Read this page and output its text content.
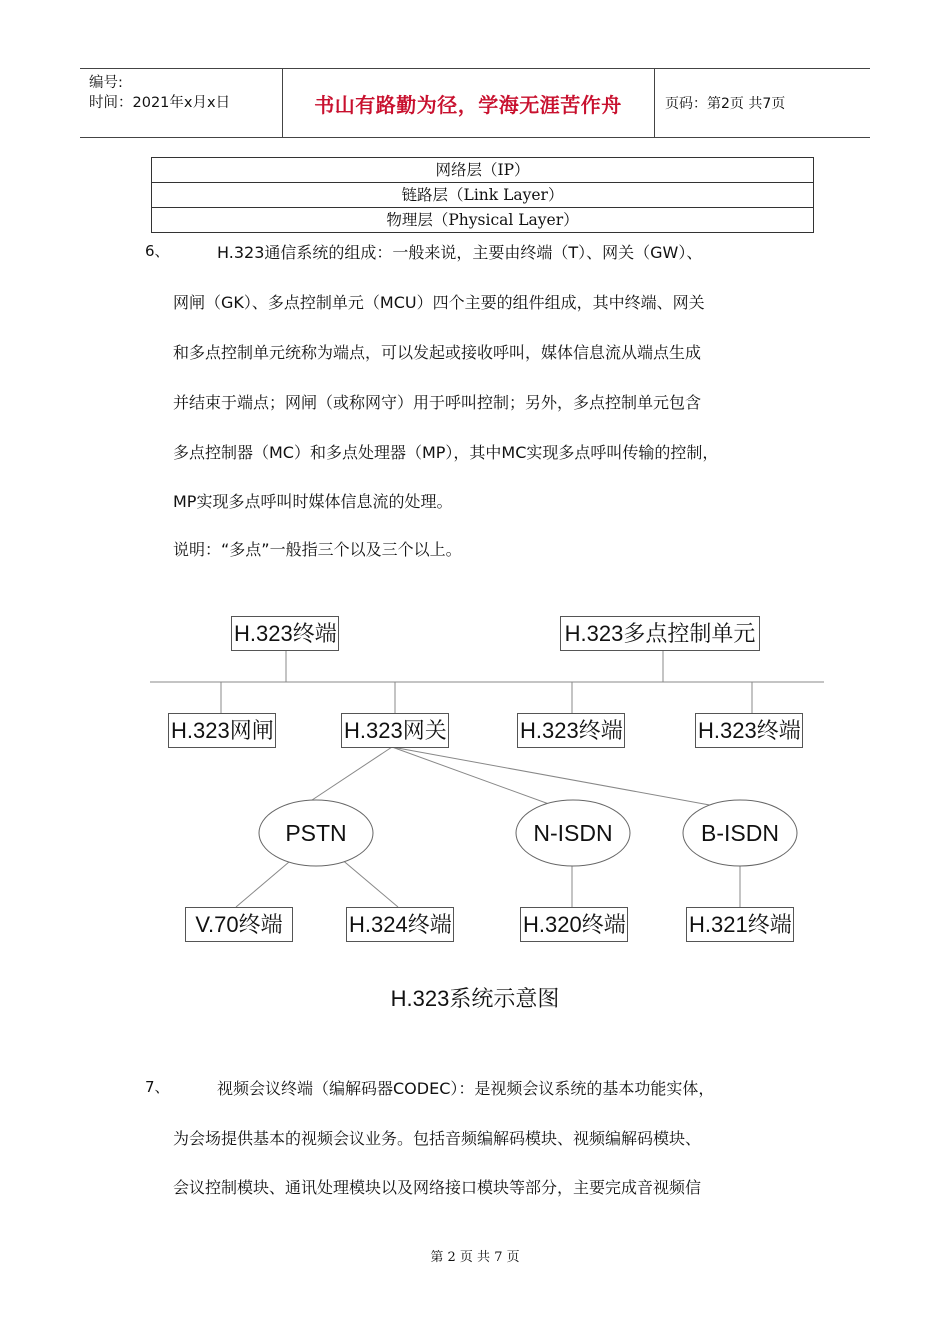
编号:
时间：2021年x月x日	书山有路勤为径，学海无涯苦作舟	页码：第2页 共7页
网络层（IP）
链路层（Link Layer）
物理层（Physical Layer）
6、	H.323通信系统的组成：一般来说，主要由终端（T）、网关（GW）、
网闸（GK）、多点控制单元（MCU）四个主要的组件组成，其中终端、网关
和多点控制单元统称为端点，可以发起或接收呼叫，媒体信息流从端点生成
并结束于端点；网闸（或称网守）用于呼叫控制；另外，多点控制单元包含
多点控制器（MC）和多点处理器（MP），其中MC实现多点呼叫传输的控制，
MP实现多点呼叫时媒体信息流的处理。
说明：“多点”一般指三个以及三个以上。
PSTN	N-ISDN	B-ISDN
H.323终端	H.323多点控制单元
H.323网闸	H.323网关	H.323终端	H.323终端
V.70终端	H.324终端	H.320终端	H.321终端
H.323系统示意图
7、	视频会议终端（编解码器CODEC）：是视频会议系统的基本功能实体，
为会场提供基本的视频会议业务。包括音频编解码模块、视频编解码模块、
会议控制模块、通讯处理模块以及网络接口模块等部分，主要完成音视频信
第 2 页 共 7 页
